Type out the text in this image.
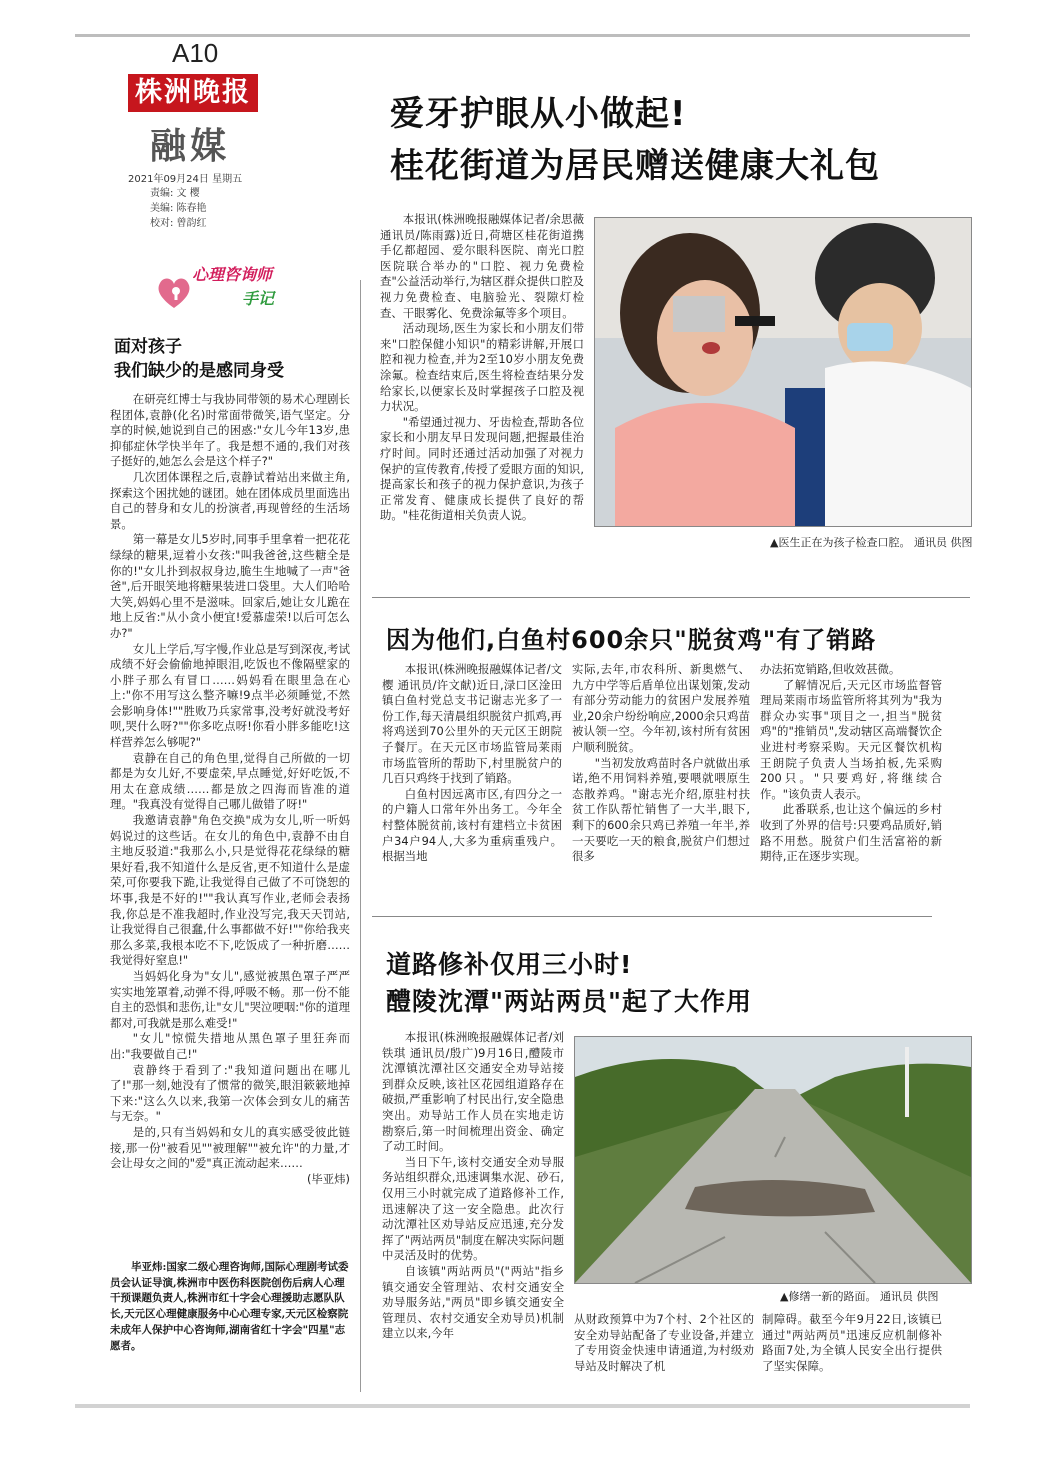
A10
株洲晚报
融媒
2021年09月24日 星期五
责编: 文 樱
美编: 陈春艳
校对: 曾韵红
心理咨询师
手记
面对孩子
我们缺少的是感同身受

在研亮红博士与我协同带领的易术心理剧长程团体,袁静(化名)时常面带微笑,语气坚定。分享的时候,她说到自己的困惑:"女儿今年13岁,患抑郁症休学快半年了。我是想不通的,我们对孩子挺好的,她怎么会是这个样子?"

几次团体课程之后,袁静试着站出来做主角,探索这个困扰她的谜团。她在团体成员里面选出自己的替身和女儿的扮演者,再现曾经的生活场景。

第一幕是女儿5岁时,同事手里拿着一把花花绿绿的糖果,逗着小女孩:"叫我爸爸,这些糖全是你的!"女儿扑到叔叔身边,脆生生地喊了一声"爸爸",后开眼笑地将糖果装进口袋里。大人们哈哈大笑,妈妈心里不是滋味。回家后,她让女儿跪在地上反省:"从小贪小便宜!爱慕虚荣!以后可怎么办?"

女儿上学后,写字慢,作业总是写到深夜,考试成绩不好会偷偷地掉眼泪,吃饭也不像隔壁家的小胖子那么有冒口……妈妈看在眼里急在心上:"你不用写这么整齐嘛!9点半必须睡觉,不然会影响身体!""胜败乃兵家常事,没考好就没考好呗,哭什么呀?""你多吃点呀!你看小胖多能吃!这样营养怎么够呢?"

袁静在自己的角色里,觉得自己所做的一切都是为女儿好,不要虚荣,早点睡觉,好好吃饭,不用太在意成绩……都是放之四海而皆准的道理。"我真没有觉得自己哪儿做错了呀!"

我邀请袁静"角色交换"成为女儿,听一听妈妈说过的这些话。在女儿的角色中,袁静不由自主地反驳道:"我那么小,只是觉得花花绿绿的糖果好看,我不知道什么是反省,更不知道什么是虚荣,可你要我下跪,让我觉得自己做了不可饶恕的坏事,我是不好的!""我认真写作业,老师会表扬我,你总是不准我超时,作业没写完,我天天罚站,让我觉得自己很蠢,什么事都做不好!""你给我夹那么多菜,我根本吃不下,吃饭成了一种折磨……我觉得好窒息!"

当妈妈化身为"女儿",感觉被黑色罩子严严实实地笼罩着,动弹不得,呼吸不畅。那一份不能自主的恐惧和悲伤,让"女儿"哭泣哽咽:"你的道理都对,可我就是那么难受!"

"女儿"惊慌失措地从黑色罩子里狂奔而出:"我要做自己!"

袁静终于看到了:"我知道问题出在哪儿了!"那一刻,她没有了惯常的微笑,眼泪簌簌地掉下来:"这么久以来,我第一次体会到女儿的痛苦与无奈。"

是的,只有当妈妈和女儿的真实感受彼此链接,那一份"被看见""被理解""被允许"的力量,才会让母女之间的"爱"真正流动起来……

(毕亚炜)

毕亚炜:国家二级心理咨询师,国际心理剧考试委员会认证导演,株洲市中医伤科医院创伤后病人心理干预课题负责人,株洲市红十字会心理援助志愿队队长,天元区心理健康服务中心心理专家,天元区检察院未成年人保护中心咨询师,湖南省红十字会"四星"志愿者。

爱牙护眼从小做起!
桂花街道为居民赠送健康大礼包

本报讯(株洲晚报融媒体记者/余思薇 通讯员/陈雨露)近日,荷塘区桂花街道携手亿都超园、爱尔眼科医院、南光口腔医院联合举办的"口腔、视力免费检查"公益活动举行,为辖区群众提供口腔及视力免费检查、电脑验光、裂隙灯检查、干眼雾化、免费涂氟等多个项目。

活动现场,医生为家长和小朋友们带来"口腔保健小知识"的精彩讲解,开展口腔和视力检查,并为2至10岁小朋友免费涂氟。检查结束后,医生将检查结果分发给家长,以便家长及时掌握孩子口腔及视力状况。

"希望通过视力、牙齿检查,帮助各位家长和小朋友早日发现问题,把握最佳治疗时间。同时还通过活动加强了对视力保护的宣传教育,传授了爱眼方面的知识,提高家长和孩子的视力保护意识,为孩子正常发育、健康成长提供了良好的帮助。"桂花街道相关负责人说。

▲医生正在为孩子检查口腔。 通讯员 供图
因为他们,白鱼村600余只"脱贫鸡"有了销路

本报讯(株洲晚报融媒体记者/文樱 通讯员/许文献)近日,渌口区淦田镇白鱼村党总支书记谢志光多了一份工作,每天清晨组织脱贫户抓鸡,再将鸡送到70公里外的天元区王朗院子餐厅。在天元区市场监管局莱雨市场监管所的帮助下,村里脱贫户的几百只鸡终于找到了销路。

白鱼村因远离市区,有四分之一的户籍人口常年外出务工。今年全村整体脱贫前,该村有建档立卡贫困户34户94人,大多为重病重残户。根据当地

实际,去年,市农科所、新奥燃气、九方中学等后盾单位出谋划策,发动有部分劳动能力的贫困户发展养殖业,20余户纷纷响应,2000余只鸡苗被认领一空。今年初,该村所有贫困户顺利脱贫。

"当初发放鸡苗时各户就做出承诺,绝不用饲料养殖,要喂就喂原生态散养鸡。"谢志光介绍,原驻村扶贫工作队帮忙销售了一大半,眼下,剩下的600余只鸡已养殖一年半,养一天要吃一天的粮食,脱贫户们想过很多

办法拓宽销路,但收效甚微。

了解情况后,天元区市场监督管理局莱雨市场监管所将其列为"我为群众办实事"项目之一,担当"脱贫鸡"的"推销员",发动辖区高端餐饮企业进村考察采购。天元区餐饮机构王朗院子负责人当场拍板,先采购200只。"只要鸡好,将继续合作。"该负责人表示。

此番联系,也让这个偏远的乡村收到了外界的信号:只要鸡品质好,销路不用愁。脱贫户们生活富裕的新期待,正在逐步实现。

道路修补仅用三小时!
醴陵沈潭"两站两员"起了大作用

本报讯(株洲晚报融媒体记者/刘铁琪 通讯员/殷广)9月16日,醴陵市沈潭镇沈潭社区交通安全劝导站接到群众反映,该社区花园组道路存在破损,严重影响了村民出行,安全隐患突出。劝导站工作人员在实地走访勘察后,第一时间梳理出资金、确定了动工时间。

当日下午,该村交通安全劝导服务站组织群众,迅速调集水泥、砂石,仅用三小时就完成了道路修补工作,迅速解决了这一安全隐患。此次行动沈潭社区劝导站反应迅速,充分发挥了"两站两员"制度在解决实际问题中灵活及时的优势。

自该镇"两站两员"("两站"指乡镇交通安全管理站、农村交通安全劝导服务站,"两员"即乡镇交通安全管理员、农村交通安全劝导员)机制建立以来,今年

▲修缮一新的路面。 通讯员 供图

从财政预算中为7个村、2个社区的安全劝导站配备了专业设备,并建立了专用资金快速申请通道,为村级劝导站及时解决了机

制障碍。截至今年9月22日,该镇已通过"两站两员"迅速反应机制修补路面7处,为全镇人民安全出行提供了坚实保障。
